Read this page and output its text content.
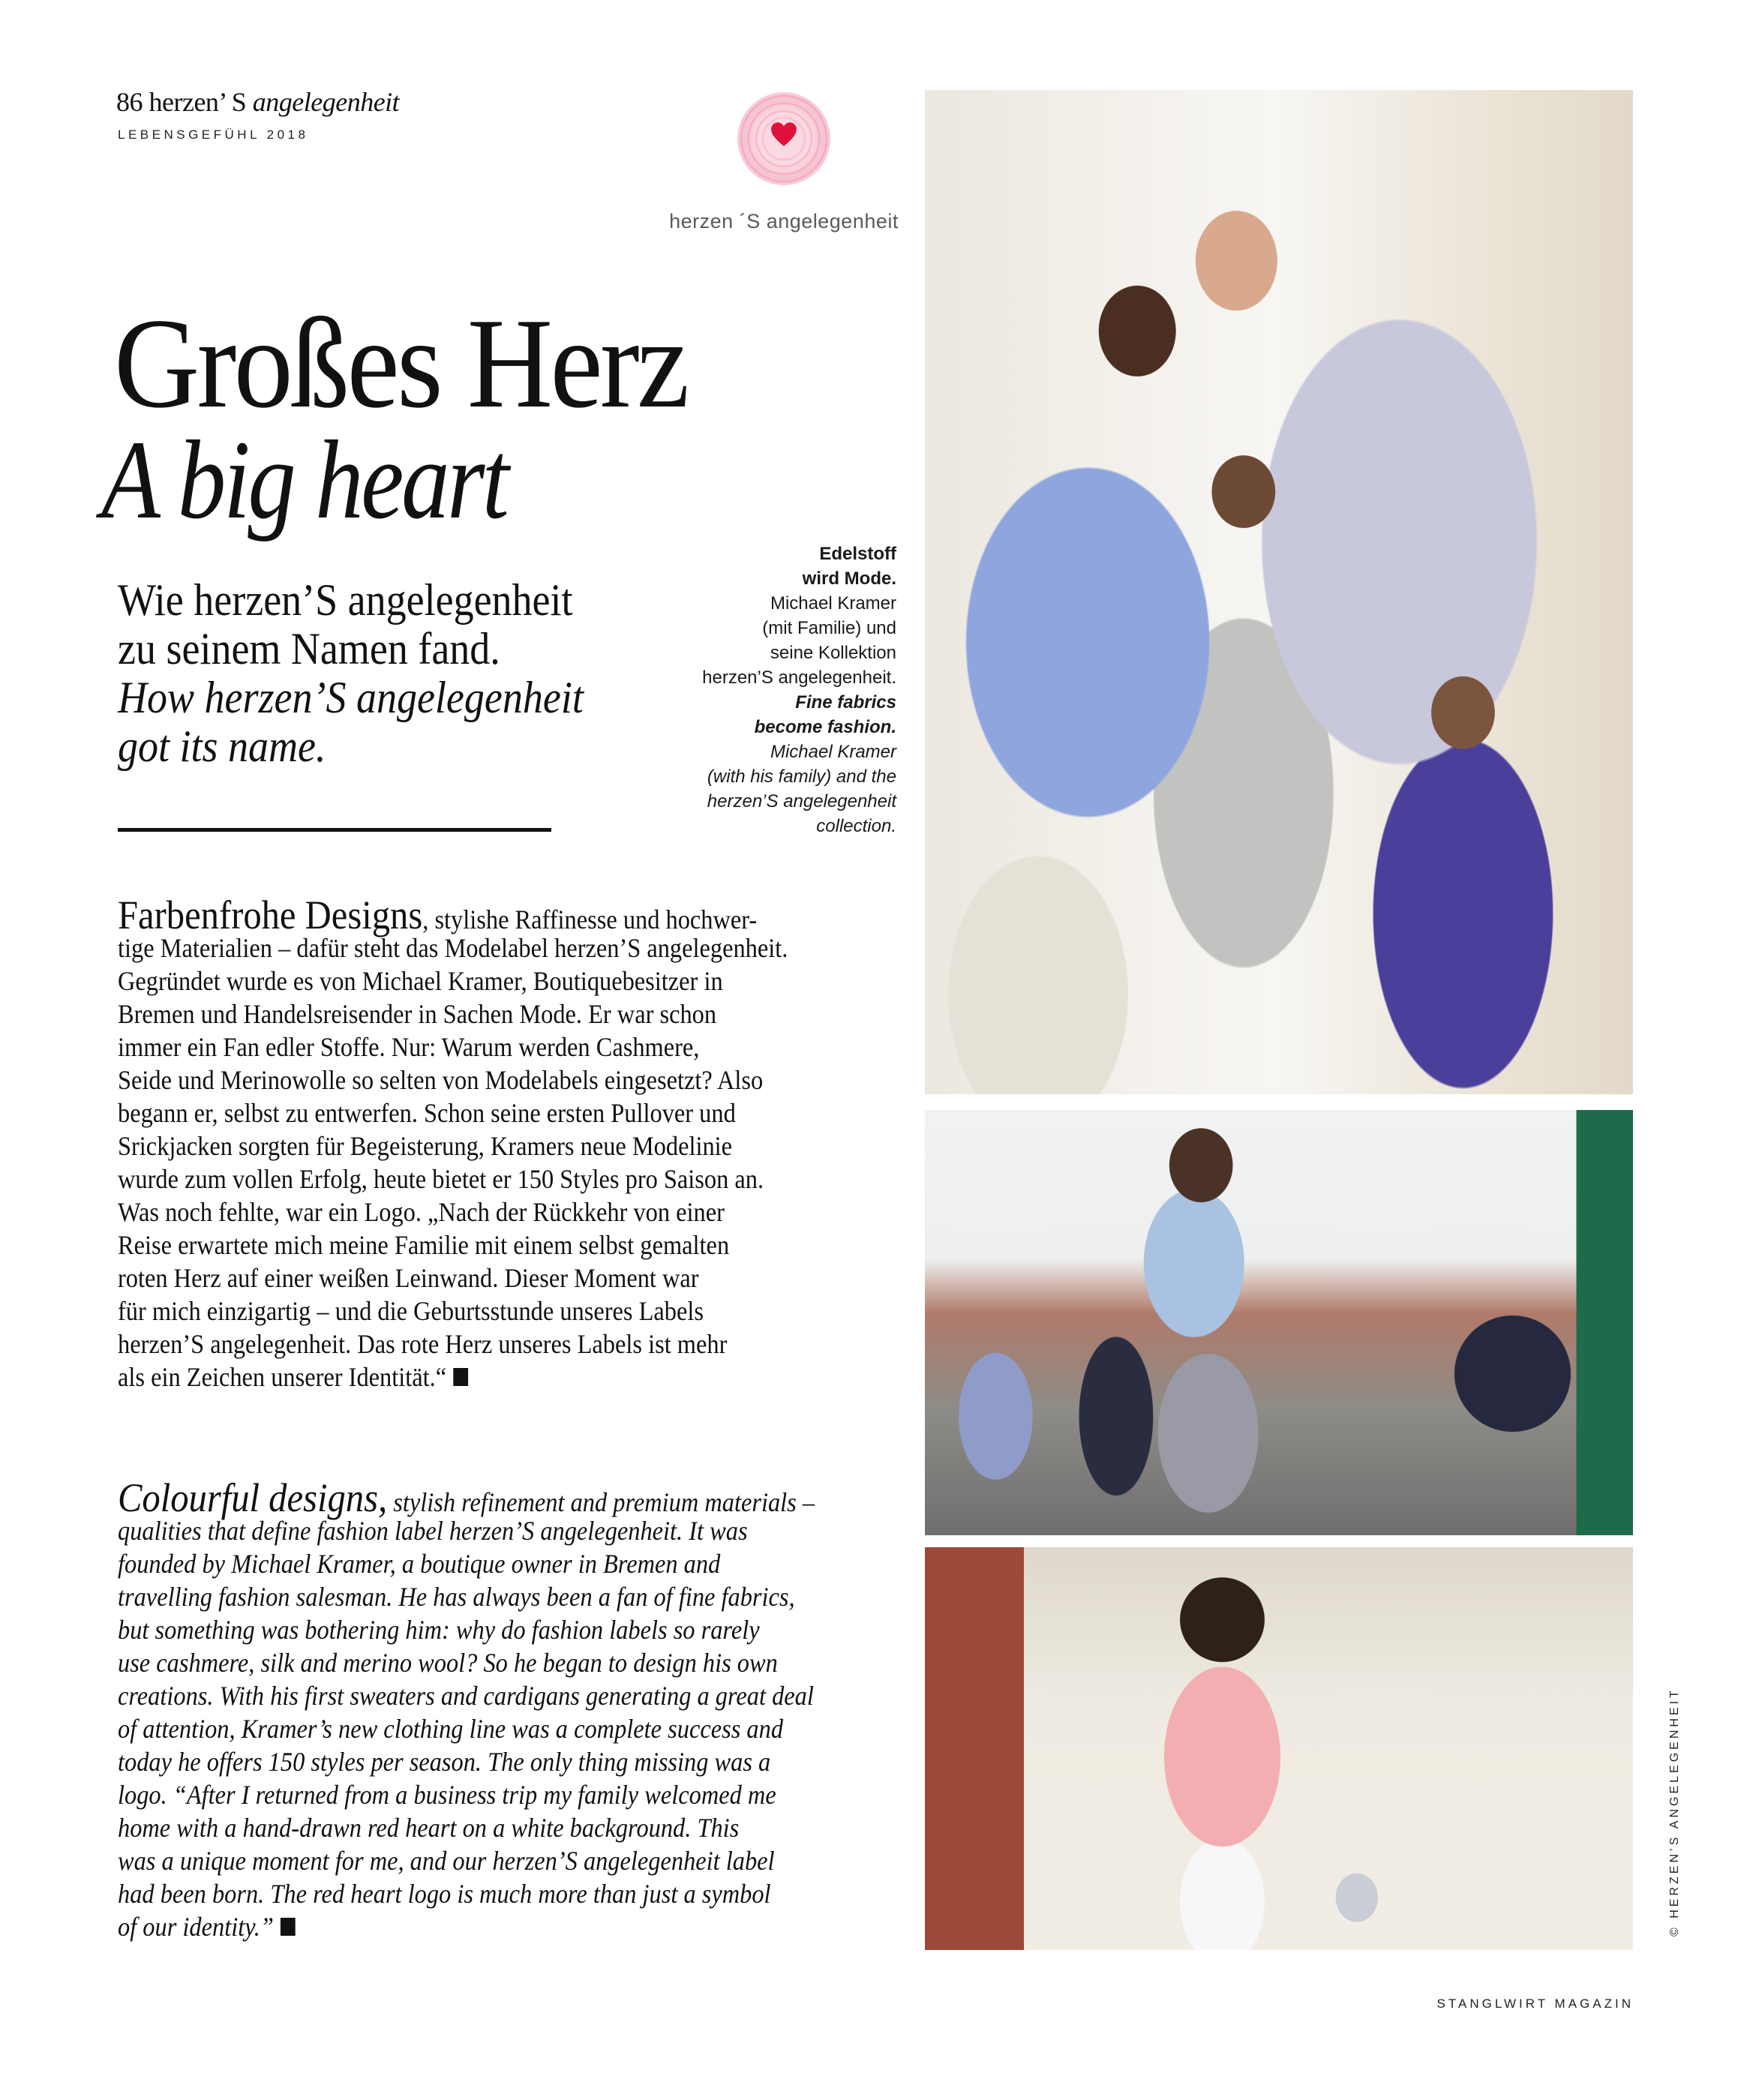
86 herzen’ S angelegenheit
LEBENSGEFÜHL 2018
herzen ´S angelegenheit
Großes Herz
A big heart
Wie herzen’S angelegenheit
zu seinem Namen fand.
How herzen’S angelegenheit
got its name.
Edelstoff
wird Mode.
Michael Kramer
(mit Familie) und
seine Kollektion
herzen’S angelegenheit.
Fine fabrics
become fashion.
Michael Kramer
(with his family) and the
herzen’S angelegenheit
collection.
Farbenfrohe Designs, stylishe Raffinesse und hochwer-
tige Materialien – dafür steht das Modelabel herzen’S angelegenheit.
Gegründet wurde es von Michael Kramer, Boutiquebesitzer in
Bremen und Handelsreisender in Sachen Mode. Er war schon
immer ein Fan edler Stoffe. Nur: Warum werden Cashmere,
Seide und Merinowolle so selten von Modelabels eingesetzt? Also
begann er, selbst zu entwerfen. Schon seine ersten Pullover und
Srickjacken sorgten für Begeisterung, Kramers neue Modelinie
wurde zum vollen Erfolg, heute bietet er 150 Styles pro Saison an.
Was noch fehlte, war ein Logo. „Nach der Rückkehr von einer
Reise erwartete mich meine Familie mit einem selbst gemalten
roten Herz auf einer weißen Leinwand. Dieser Moment war
für mich einzigartig – und die Geburtsstunde unseres Labels
herzen’S angelegenheit. Das rote Herz unseres Labels ist mehr
als ein Zeichen unserer Identität.“
Colourful designs, stylish refinement and premium materials –
qualities that define fashion label herzen’S angelegenheit. It was
founded by Michael Kramer, a boutique owner in Bremen and
travelling fashion salesman. He has always been a fan of fine fabrics,
but something was bothering him: why do fashion labels so rarely
use cashmere, silk and merino wool? So he began to design his own
creations. With his first sweaters and cardigans generating a great deal
of attention, Kramer’s new clothing line was a complete success and
today he offers 150 styles per season. The only thing missing was a
logo. “After I returned from a business trip my family welcomed me
home with a hand-drawn red heart on a white background. This
was a unique moment for me, and our herzen’S angelegenheit label
had been born. The red heart logo is much more than just a symbol
of our identity.”	© HERZEN’S ANGELEGENHEIT
STANGLWIRT MAGAZIN
